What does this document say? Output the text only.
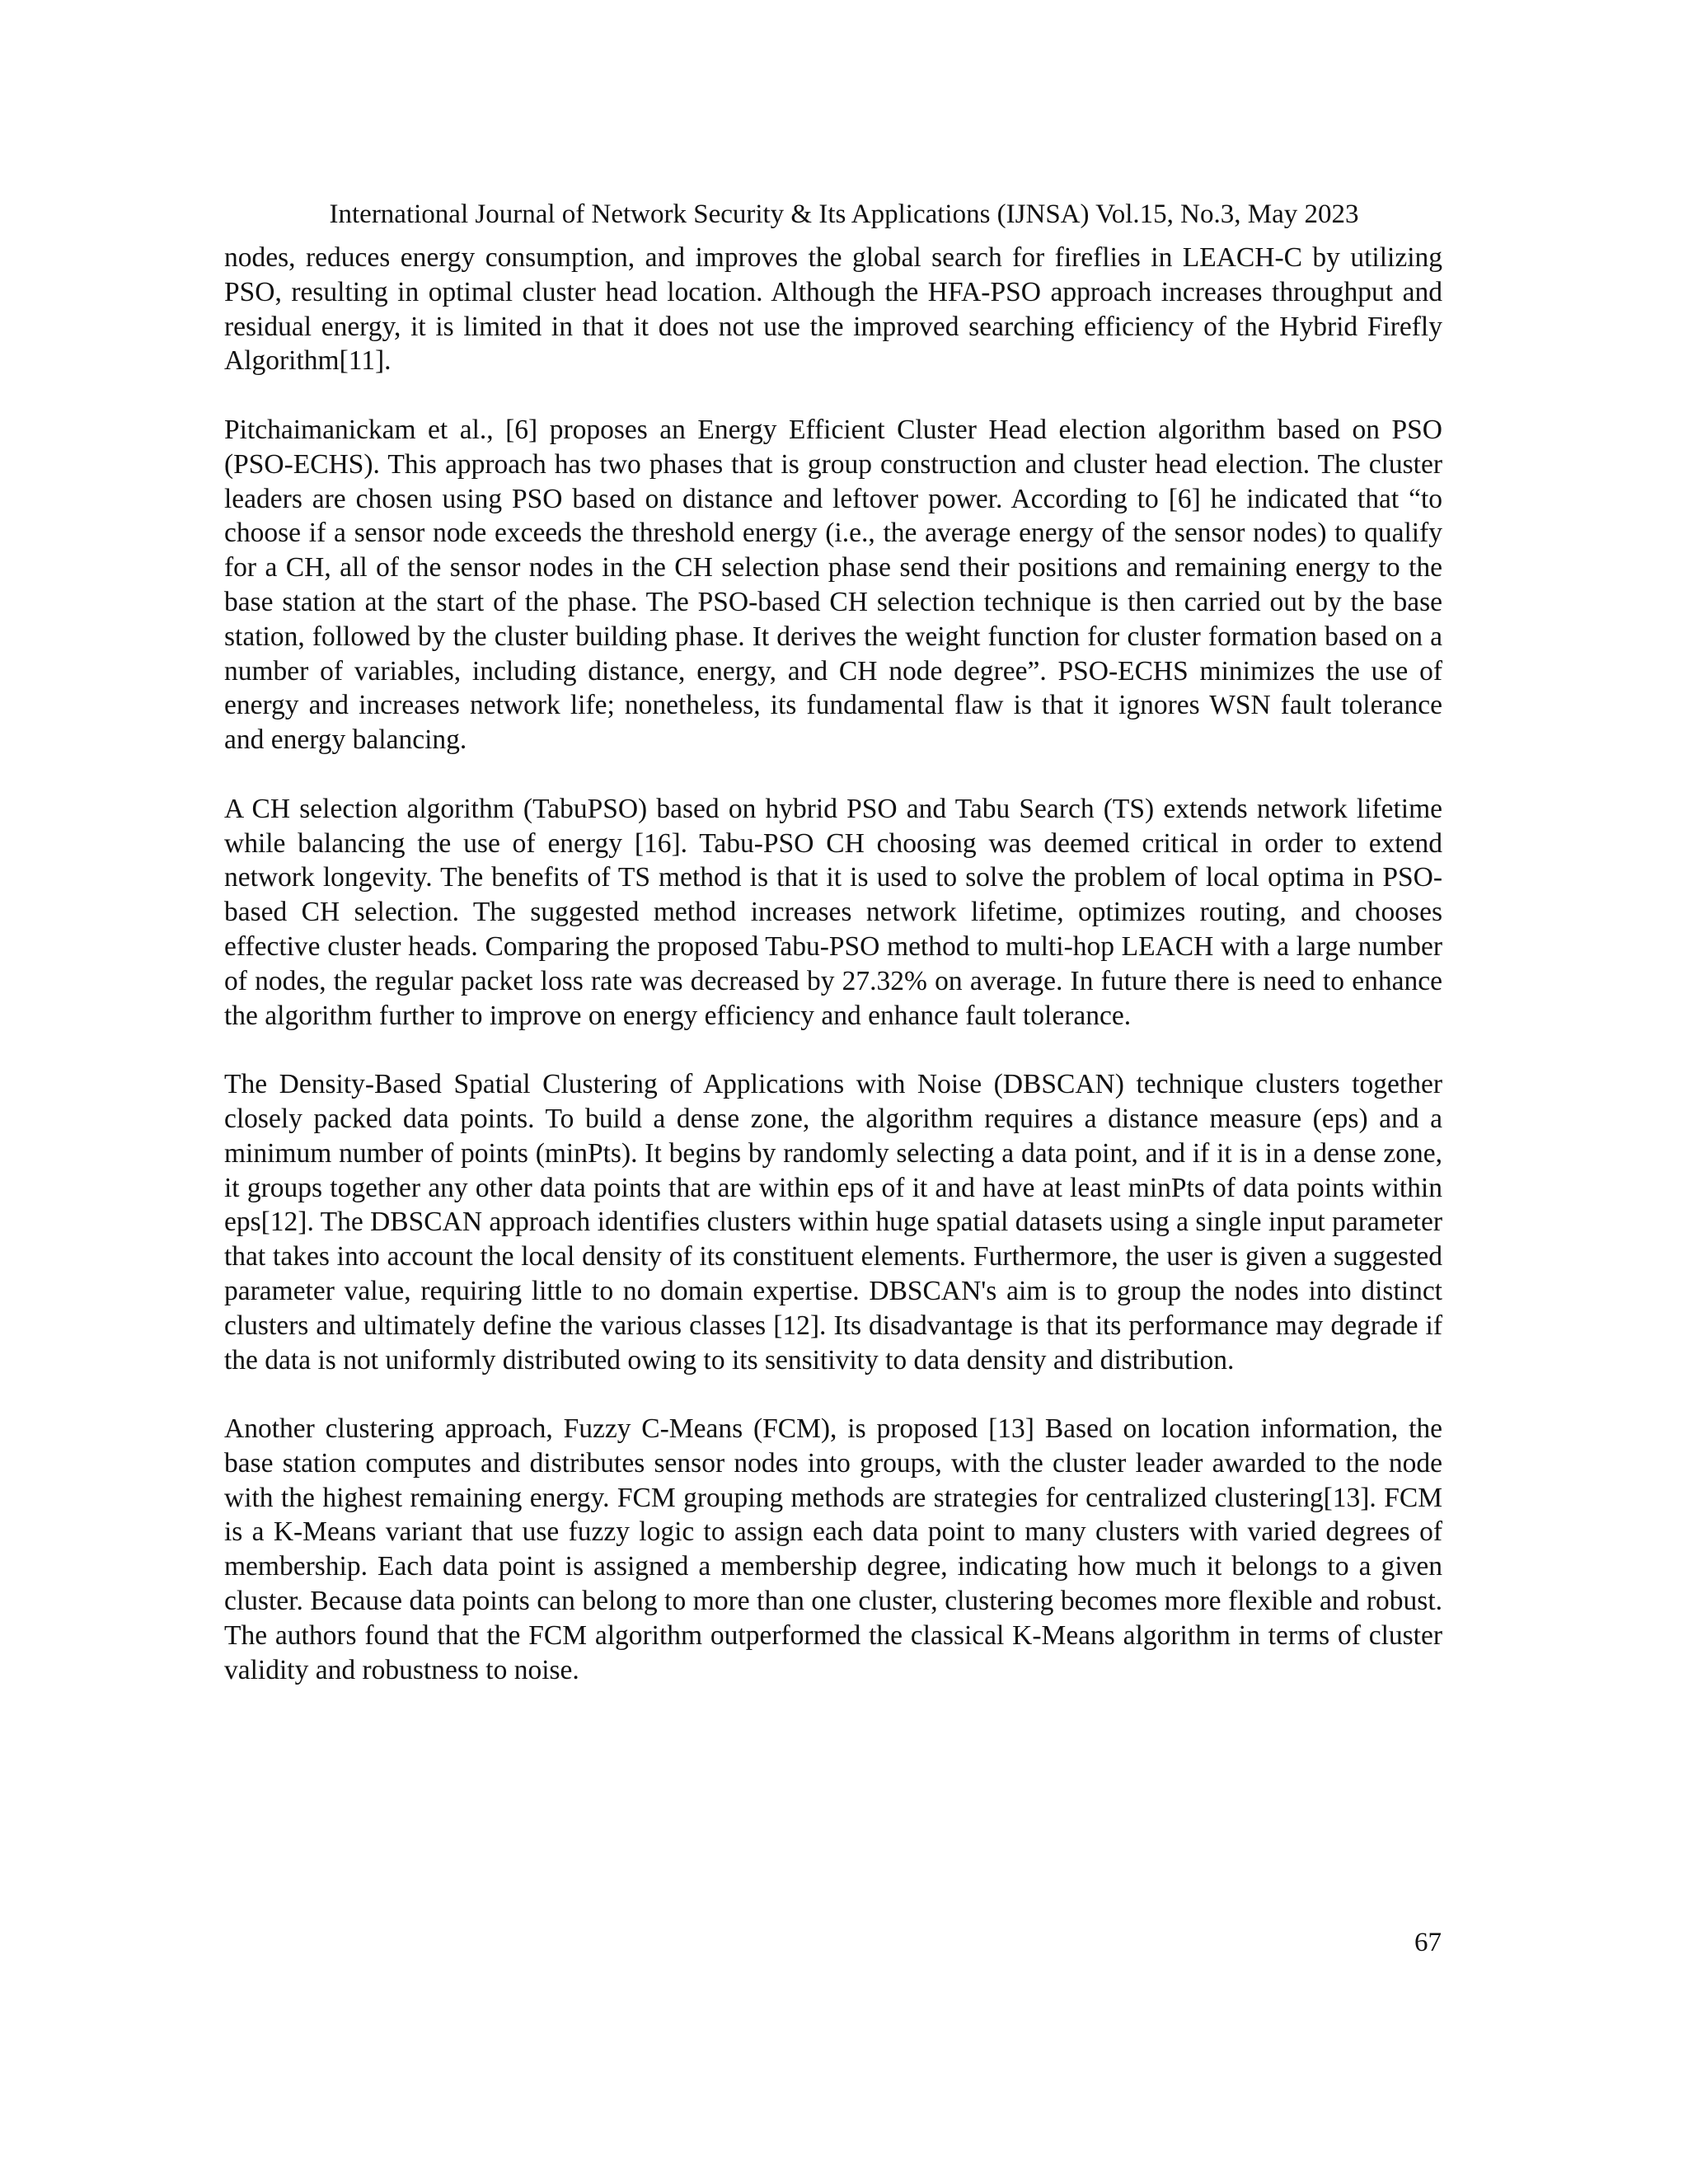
International Journal of Network Security & Its Applications (IJNSA) Vol.15, No.3, May 2023

nodes, reduces energy consumption, and improves the global search for fireflies in LEACH-C by utilizing PSO, resulting in optimal cluster head location. Although the HFA-PSO approach increases throughput and residual energy, it is limited in that it does not use the improved searching efficiency of the Hybrid Firefly Algorithm[11].

Pitchaimanickam et al., [6] proposes an Energy Efficient Cluster Head election algorithm based on PSO (PSO-ECHS). This approach has two phases that is group construction and cluster head election. The cluster leaders are chosen using PSO based on distance and leftover power. According to [6] he indicated that “to choose if a sensor node exceeds the threshold energy (i.e., the average energy of the sensor nodes) to qualify for a CH, all of the sensor nodes in the CH selection phase send their positions and remaining energy to the base station at the start of the phase. The PSO-based CH selection technique is then carried out by the base station, followed by the cluster building phase. It derives the weight function for cluster formation based on a number of variables, including distance, energy, and CH node degree”. PSO-ECHS minimizes the use of energy and increases network life; nonetheless, its fundamental flaw is that it ignores WSN fault tolerance and energy balancing.

A CH selection algorithm (TabuPSO) based on hybrid PSO and Tabu Search (TS) extends network lifetime while balancing the use of energy [16]. Tabu-PSO CH choosing was deemed critical in order to extend network longevity. The benefits of TS method is that it is used to solve the problem of local optima in PSO-based CH selection. The suggested method increases network lifetime, optimizes routing, and chooses effective cluster heads. Comparing the proposed Tabu-PSO method to multi-hop LEACH with a large number of nodes, the regular packet loss rate was decreased by 27.32% on average. In future there is need to enhance the algorithm further to improve on energy efficiency and enhance fault tolerance.

The Density-Based Spatial Clustering of Applications with Noise (DBSCAN) technique clusters together closely packed data points. To build a dense zone, the algorithm requires a distance measure (eps) and a minimum number of points (minPts). It begins by randomly selecting a data point, and if it is in a dense zone, it groups together any other data points that are within eps of it and have at least minPts of data points within eps[12]. The DBSCAN approach identifies clusters within huge spatial datasets using a single input parameter that takes into account the local density of its constituent elements. Furthermore, the user is given a suggested parameter value, requiring little to no domain expertise. DBSCAN's aim is to group the nodes into distinct clusters and ultimately define the various classes [12]. Its disadvantage is that its performance may degrade if the data is not uniformly distributed owing to its sensitivity to data density and distribution.

Another clustering approach, Fuzzy C-Means (FCM), is proposed [13] Based on location information, the base station computes and distributes sensor nodes into groups, with the cluster leader awarded to the node with the highest remaining energy. FCM grouping methods are strategies for centralized clustering[13]. FCM is a K-Means variant that use fuzzy logic to assign each data point to many clusters with varied degrees of membership. Each data point is assigned a membership degree, indicating how much it belongs to a given cluster. Because data points can belong to more than one cluster, clustering becomes more flexible and robust. The authors found that the FCM algorithm outperformed the classical K-Means algorithm in terms of cluster validity and robustness to noise.

67
